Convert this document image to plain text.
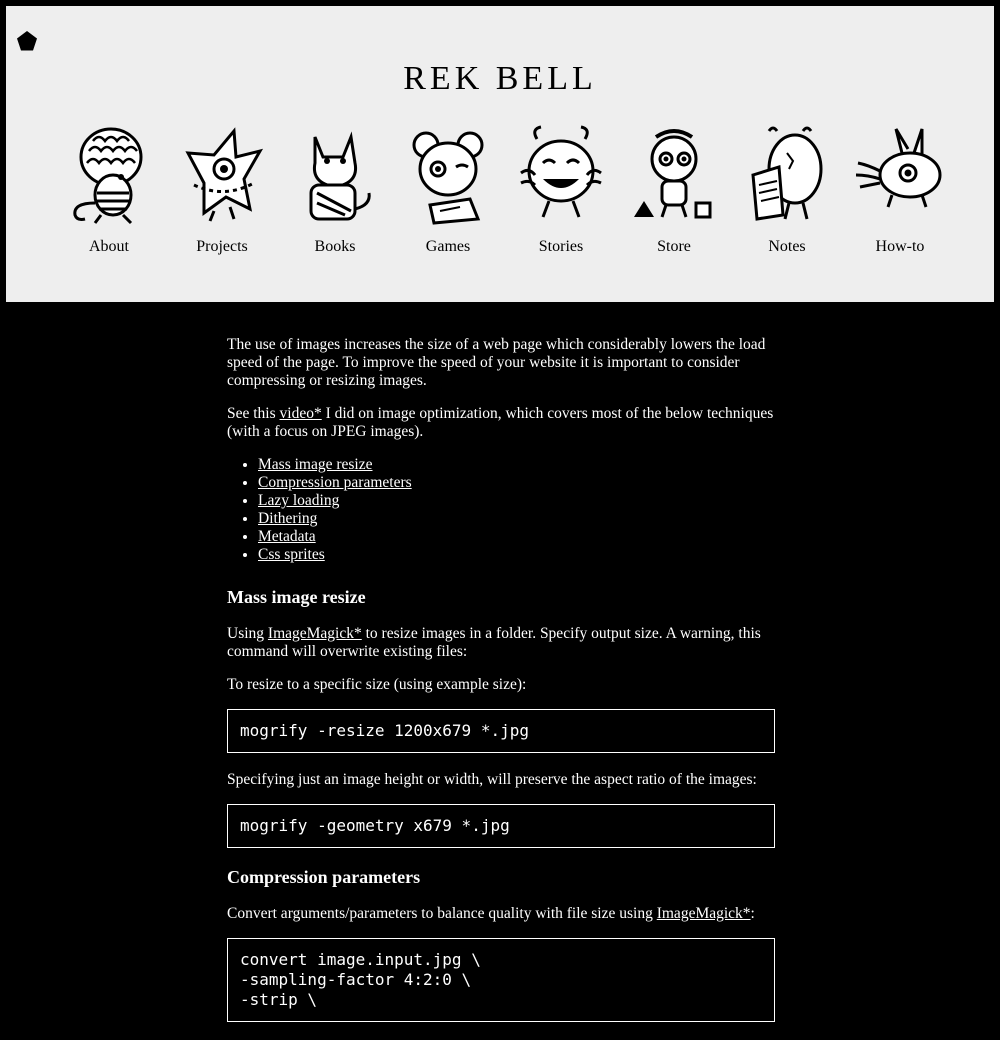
REK BELL
About	Projects	Books	Games	Stories	Store	Notes	How-to

The use of images increases the size of a web page which considerably lowers the load speed of the page. To improve the speed of your website it is important to consider compressing or resizing images.

See this video* I did on image optimization, which covers most of the below techniques (with a focus on JPEG images).

• Mass image resize
• Compression parameters
• Lazy loading
• Dithering
• Metadata
• Css sprites
Mass image resize

Using ImageMagick* to resize images in a folder. Specify output size. A warning, this command will overwrite existing files:

To resize to a specific size (using example size):

mogrify -resize 1200x679 *.jpg

Specifying just an image height or width, will preserve the aspect ratio of the images:

mogrify -geometry x679 *.jpg
Compression parameters

Convert arguments/parameters to balance quality with file size using ImageMagick*:

convert image.input.jpg \
-sampling-factor 4:2:0 \
-strip \
